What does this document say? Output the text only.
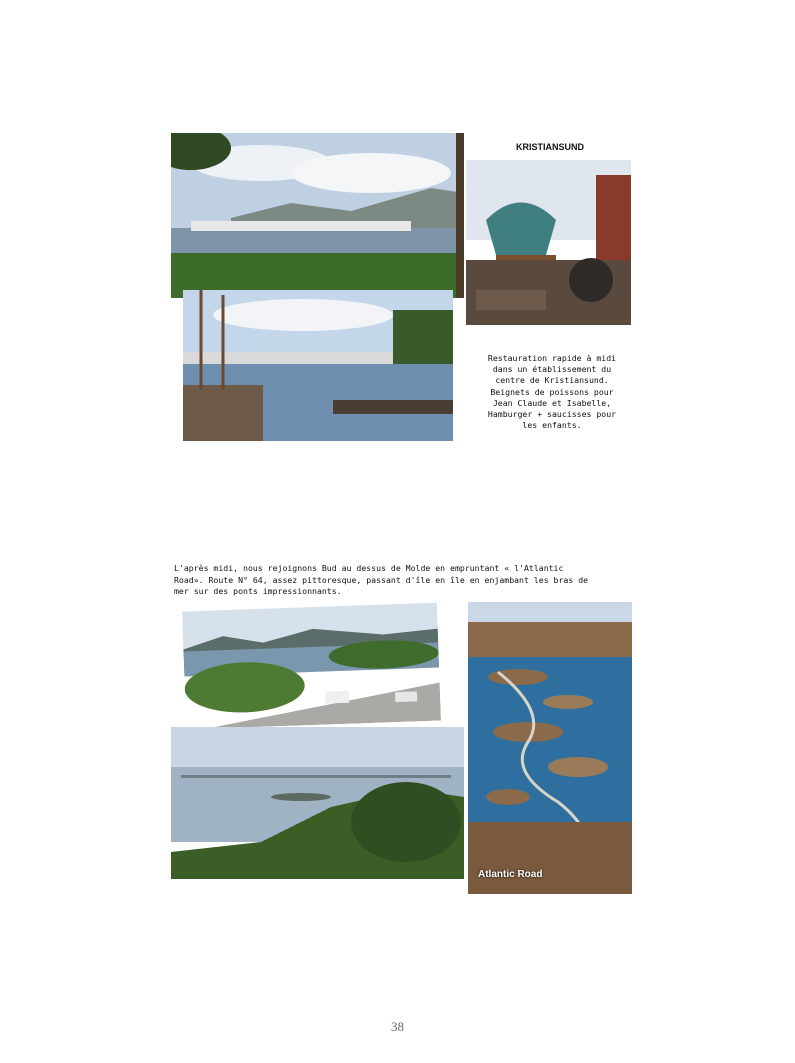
KRISTIANSUND
Restauration rapide à midi
dans un établissement du
centre de Kristiansund.
Beignets de poissons pour
Jean Claude et Isabelle,
Hamburger + saucisses pour
les enfants.
L'après midi, nous rejoignons Bud au dessus de Molde en empruntant « l'Atlantic
Road». Route N° 64, assez pittoresque, passant d'île en île en enjambant les bras de
mer sur des ponts impressionnants.
Atlantic Road
38
